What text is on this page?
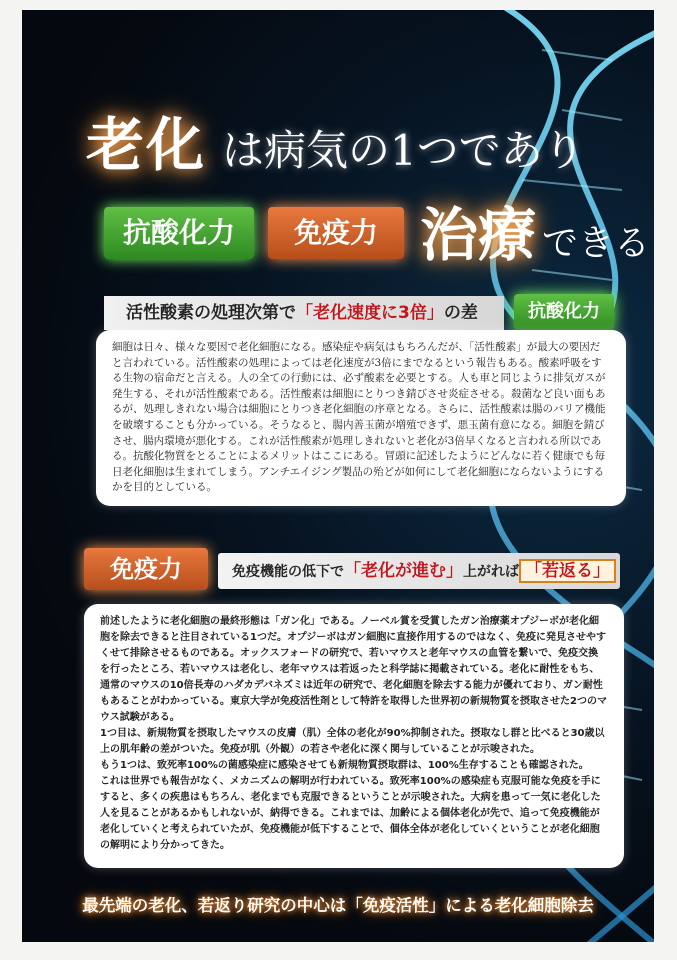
老化 は病気の1つであり
抗酸化力	免疫力 治療 できる
活性酸素の処理次第で「老化速度に3倍」の差	抗酸化力

細胞は日々、様々な要因で老化細胞になる。感染症や病気はもちろんだが、「活性酸素」が最大の要因だと言われている。活性酸素の処理によっては老化速度が3倍にまでなるという報告もある。酸素呼吸をする生物の宿命だと言える。人の全ての行動には、必ず酸素を必要とする。人も車と同じように排気ガスが発生する、それが活性酸素である。活性酸素は細胞にとりつき錆びさせ炎症させる。殺菌など良い面もあるが、処理しきれない場合は細胞にとりつき老化細胞の序章となる。さらに、活性酸素は腸のバリア機能を破壊することも分かっている。そうなると、腸内善玉菌が増殖できず、悪玉菌有意になる。細胞を錆びさせ、腸内環境が悪化する。これが活性酸素が処理しきれないと老化が3倍早くなると言われる所以である。抗酸化物質をとることによるメリットはここにある。冒頭に記述したようにどんなに若く健康でも毎日老化細胞は生まれてしまう。アンチエイジング製品の殆どが如何にして老化細胞にならないようにするかを目的としている。

免疫力	免疫機能の低下で「老化が進む」上がれば 「若返る」

前述したように老化細胞の最終形態は「ガン化」である。ノーベル賞を受賞したガン治療薬オプジーボが老化細胞を除去できると注目されている1つだ。オプジーボはガン細胞に直接作用するのではなく、免疫に発見させやすくせて排除させるものである。オックスフォードの研究で、若いマウスと老年マウスの血管を繋いで、免疫交換を行ったところ、若いマウスは老化し、老年マウスは若返ったと科学誌に掲載されている。老化に耐性をもち、通常のマウスの10倍長寿のハダカデバネズミは近年の研究で、老化細胞を除去する能力が優れており、ガン耐性もあることがわかっている。東京大学が免疫活性剤として特許を取得した世界初の新規物質を摂取させた2つのマウス試験がある。

1つ目は、新規物質を摂取したマウスの皮膚（肌）全体の老化が90%抑制された。摂取なし群と比べると30歳以上の肌年齢の差がついた。免疫が肌（外観）の若さや老化に深く関与していることが示唆された。

もう1つは、致死率100%の菌感染症に感染させても新規物質摂取群は、100%生存することも確認された。

これは世界でも報告がなく、メカニズムの解明が行われている。致死率100%の感染症も克服可能な免疫を手にすると、多くの疾患はもちろん、老化までも克服できるということが示唆された。大病を患って一気に老化した人を見ることがあるかもしれないが、納得できる。これまでは、加齢による個体老化が先で、追って免疫機能が老化していくと考えられていたが、免疫機能が低下することで、個体全体が老化していくということが老化細胞の解明により分かってきた。

最先端の老化、若返り研究の中心は「免疫活性」による老化細胞除去
